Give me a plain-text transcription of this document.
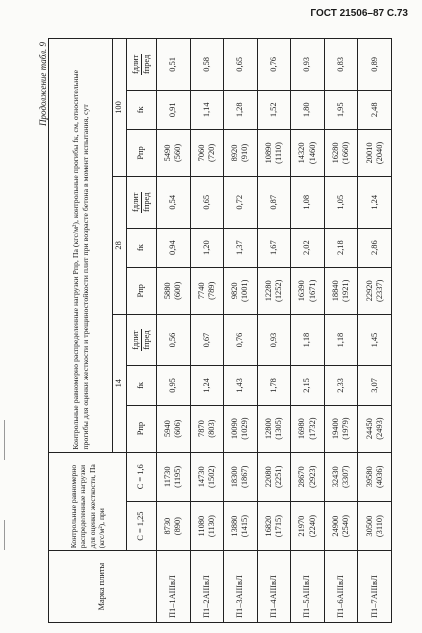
ГОСТ 21506–87 С.73
Продолжение табл. 9
Марка плиты	Контрольные равномерно распределенные нагрузки для оценки жесткости, Па (кгс/м²), при		Контрольные равномерно распределенные нагрузки Pпр, Па (кгс/м²), контрольные прогибы fк, см, относительные прогибы для оценки жесткости и трещиностойкости плит при возрасте бетона в момент испытания, сут								
			14			28			100		
	С = 1,25	С = 1,6	Рпр	fк	fдлит fпред	Рпр	fк	fдлит fпред	Рпр	fк	fдлит fпред

П1–1АIIIвЛ	8730 (890)	11730 (1195)	5940 (606)	0,95	0,56	5880 (600)	0,94	0,54	5490 (560)	0,91	0,51
П1–2АIIIвЛ	11080 (1130)	14730 (1502)	7870 (803)	1,24	0,67	7740 (789)	1,20	0,65	7060 (720)	1,14	0,58
П1–3АIIIвЛ	13880 (1415)	18300 (1867)	10090 (1029)	1,43	0,76	9820 (1001)	1,37	0,72	8920 (910)	1,28	0,65
П1–4АIIIвЛ	16820 (1715)	22080 (2251)	12800 (1305)	1,78	0,93	12280 (1252)	1,67	0,87	10890 (1110)	1,52	0,76
П1–5АIIIвЛ	21970 (2240)	28670 (2923)	16980 (1732)	2,15	1,18	16390 (1671)	2,02	1,08	14320 (1460)	1,80	0,93
П1–6АIIIвЛ	24900 (2540)	32430 (3307)	19400 (1979)	2,33	1,18	18840 (1921)	2,18	1,05	16280 (1660)	1,95	0,83
П1–7АIIIвЛ	30500 (3110)	39580 (4036)	24450 (2493)	3,07	1,45	22920 (2337)	2,86	1,24	20010 (2040)	2,48	0,89
